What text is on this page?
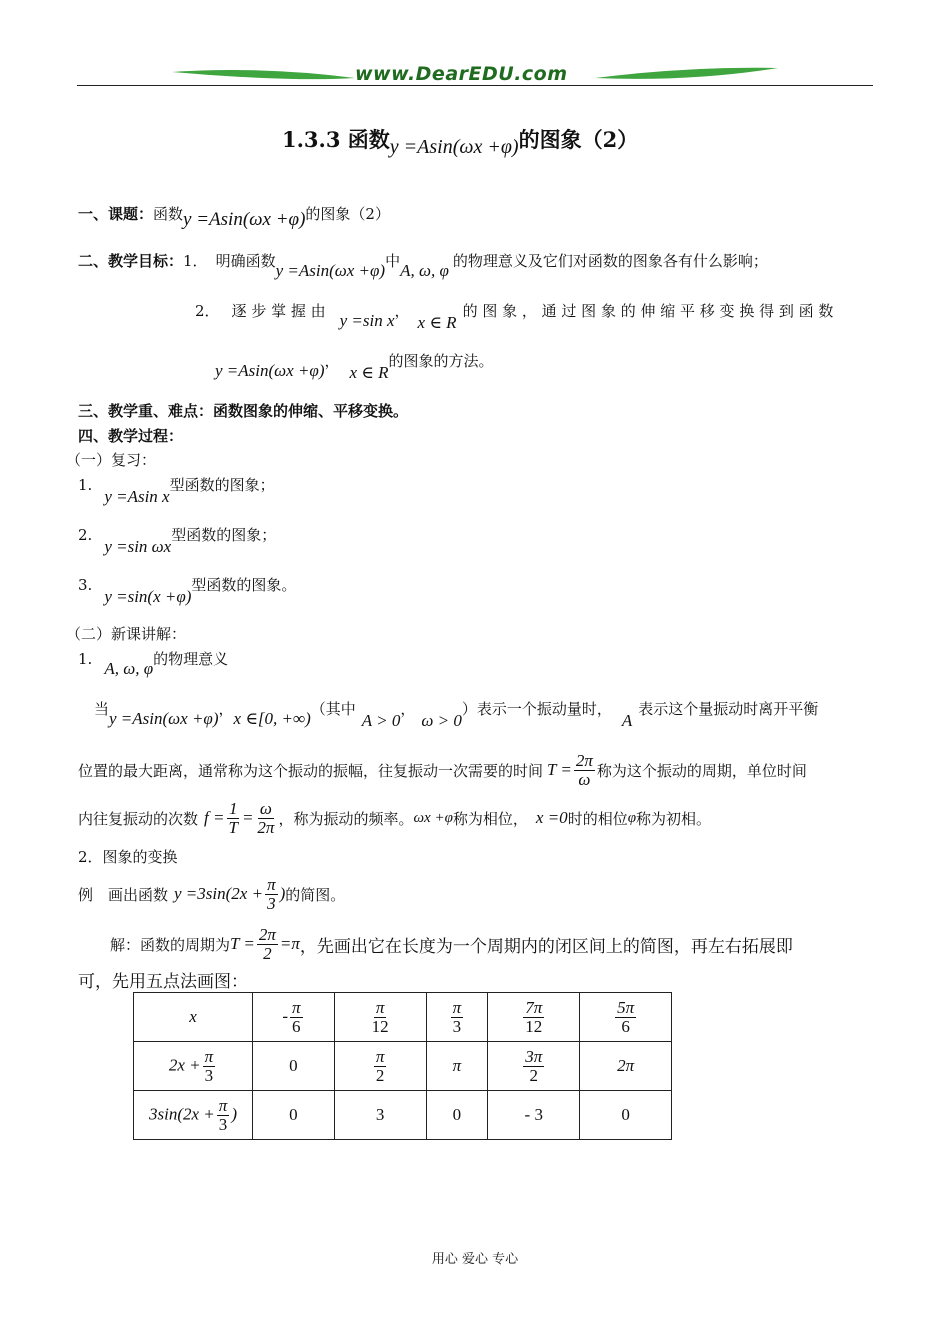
www.DearEDU.com
1.3.3 函数y =Asin(ωx +φ)的图象（2）
一、课题：函数y =Asin(ωx +φ)的图象（2）
二、教学目标：1． 明确函数y =Asin(ωx +φ)中A, ω, φ 的物理意义及它们对函数的图象各有什么影响；
2． 逐 步 掌 握 由 y =sin x，x ∈ R的 图 象 ， 通 过 图 象 的 伸 缩 平 移 变 换 得 到 函 数
y =Asin(ωx +φ)，x ∈ R的图象的方法。
三、教学重、难点：函数图象的伸缩、平移变换。
四、教学过程：
（一）复习：
1.y =Asin x型函数的图象；
2.y =sin ωx型函数的图象；
3.y =sin(x +φ)型函数的图象。
（二）新课讲解：
1. A, ω, φ的物理意义
当y =Asin(ωx +φ)，x ∈[0, +∞)（其中A > 0，ω > 0）表示一个振动量时，A表示这个量振动时离开平衡
位置的最大距离，通常称为这个振动的振幅，往复振动一次需要的时间 $T = \frac{2\pi}{\omega}$ 称为这个振动的周期，单位时间
内往复振动的次数 $f = \frac{1}{T} = \frac{\omega}{2\pi}$ ，称为振动的频率。 ωx +φ 称为相位， x =0 时的相位 φ 称为初相。
2．图象的变换
例　画出函数 $y =3\sin(2x + \frac{\pi}{3}$ ) 的简图。
解：函数的周期为 $T = \frac{2\pi}{2} =\pi$ ，先画出它在长度为一个周期内的闭区间上的简图，再左右拓展即
可，先用五点法画图：
x	- $\frac{\pi}{6}$	$\frac{\pi}{12}$	$\frac{\pi}{3}$	$\frac{7\pi}{12}$	$\frac{5\pi}{6}$

$2x + \frac{\pi}{3}$	0	$\frac{\pi}{2}$	π	$\frac{3\pi}{2}$	2π
$3\sin(2x + \frac{\pi}{3}$ )	0	3	0	- 3	0
用心 爱心 专心
